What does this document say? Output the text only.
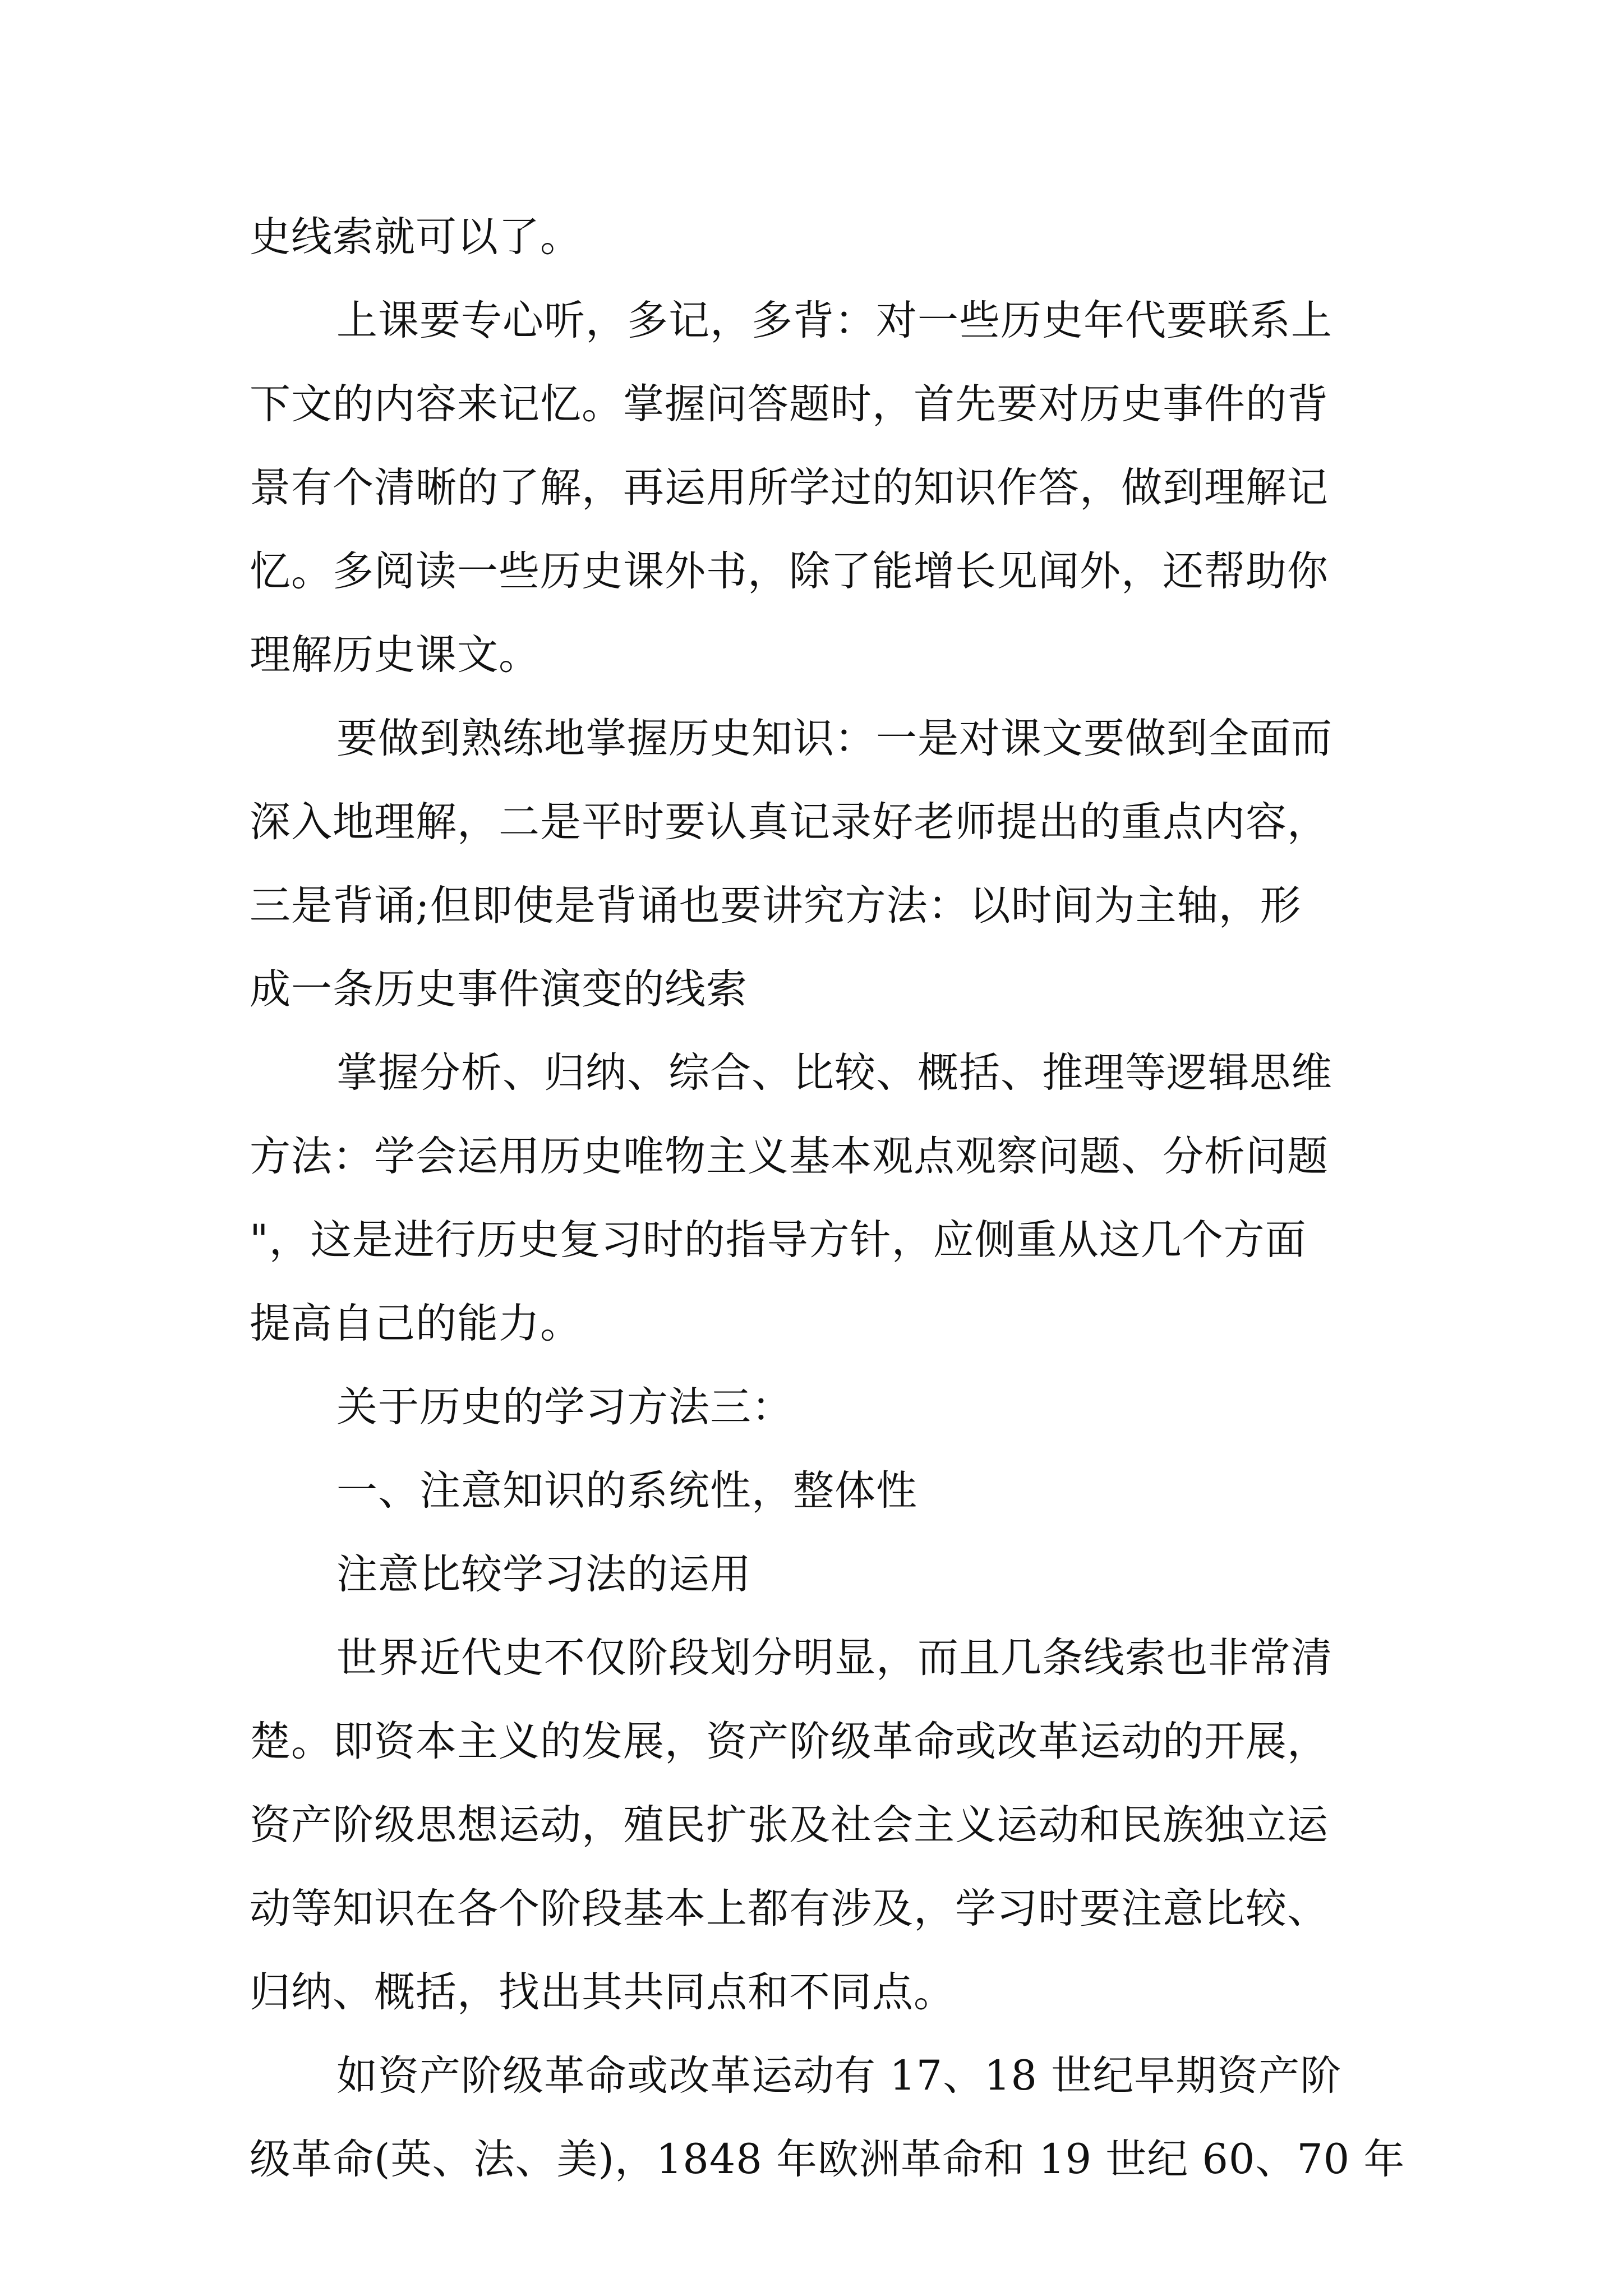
史线索就可以了。
上课要专心听，多记，多背：对一些历史年代要联系上
下文的内容来记忆。掌握问答题时，首先要对历史事件的背
景有个清晰的了解，再运用所学过的知识作答，做到理解记
忆。多阅读一些历史课外书，除了能增长见闻外，还帮助你
理解历史课文。
要做到熟练地掌握历史知识：一是对课文要做到全面而
深入地理解，二是平时要认真记录好老师提出的重点内容，
三是背诵;但即使是背诵也要讲究方法：以时间为主轴，形
成一条历史事件演变的线索
掌握分析、归纳、综合、比较、概括、推理等逻辑思维
方法：学会运用历史唯物主义基本观点观察问题、分析问题
"，这是进行历史复习时的指导方针，应侧重从这几个方面
提高自己的能力。
关于历史的学习方法三：
一、注意知识的系统性，整体性
注意比较学习法的运用
世界近代史不仅阶段划分明显，而且几条线索也非常清
楚。即资本主义的发展，资产阶级革命或改革运动的开展，
资产阶级思想运动，殖民扩张及社会主义运动和民族独立运
动等知识在各个阶段基本上都有涉及，学习时要注意比较、
归纳、概括，找出其共同点和不同点。
如资产阶级革命或改革运动有 17、18 世纪早期资产阶
级革命(英、法、美)，1848 年欧洲革命和 19 世纪 60、70 年
